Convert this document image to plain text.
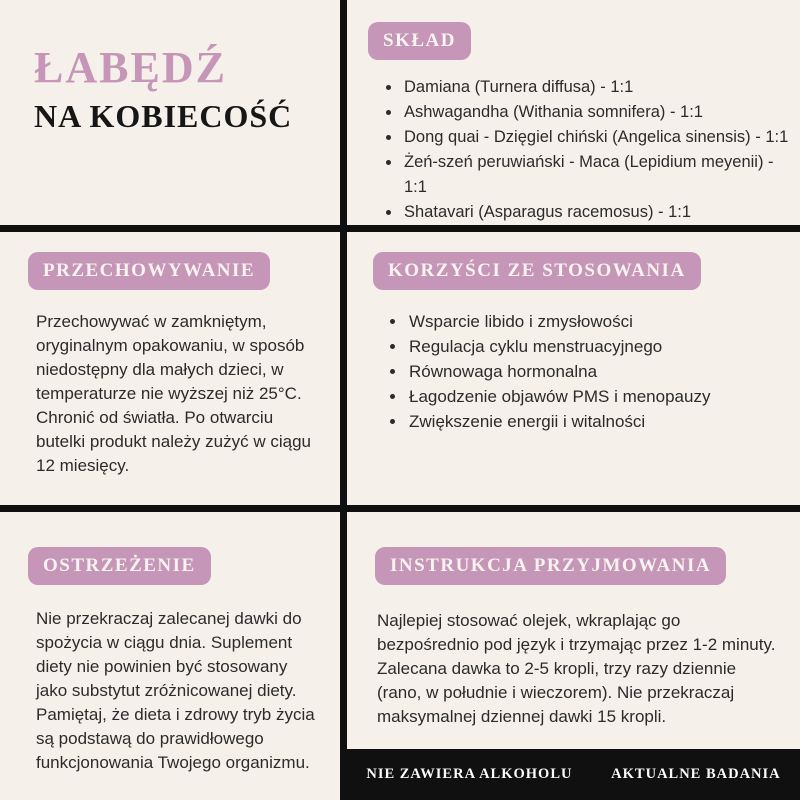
ŁABĘDŹ
NA KOBIECOŚĆ
SKŁAD
• Damiana (Turnera diffusa) - 1:1
• Ashwagandha (Withania somnifera) - 1:1
• Dong quai - Dzięgiel chiński (Angelica sinensis) - 1:1
• Żeń-szeń peruwiański - Maca (Lepidium meyenii) - 1:1
• Shatavari (Asparagus racemosus) - 1:1
PRZECHOWYWANIE

Przechowywać w zamkniętym, oryginalnym opakowaniu, w sposób niedostępny dla małych dzieci, w temperaturze nie wyższej niż 25°C. Chronić od światła. Po otwarciu butelki produkt należy zużyć w ciągu 12 miesięcy.

KORZYŚCI ZE STOSOWANIA
• Wsparcie libido i zmysłowości
• Regulacja cyklu menstruacyjnego
• Równowaga hormonalna
• Łagodzenie objawów PMS i menopauzy
• Zwiększenie energii i witalności
OSTRZEŻENIE

Nie przekraczaj zalecanej dawki do spożycia w ciągu dnia. Suplement diety nie powinien być stosowany jako substytut zróżnicowanej diety. Pamiętaj, że dieta i zdrowy tryb życia są podstawą do prawidłowego funkcjonowania Twojego organizmu.

INSTRUKCJA PRZYJMOWANIA

Najlepiej stosować olejek, wkraplając go bezpośrednio pod język i trzymając przez 1-2 minuty. Zalecana dawka to 2-5 kropli, trzy razy dziennie (rano, w południe i wieczorem). Nie przekraczaj maksymalnej dziennej dawki 15 kropli.

NIE ZAWIERA ALKOHOLU	AKTUALNE BADANIA
